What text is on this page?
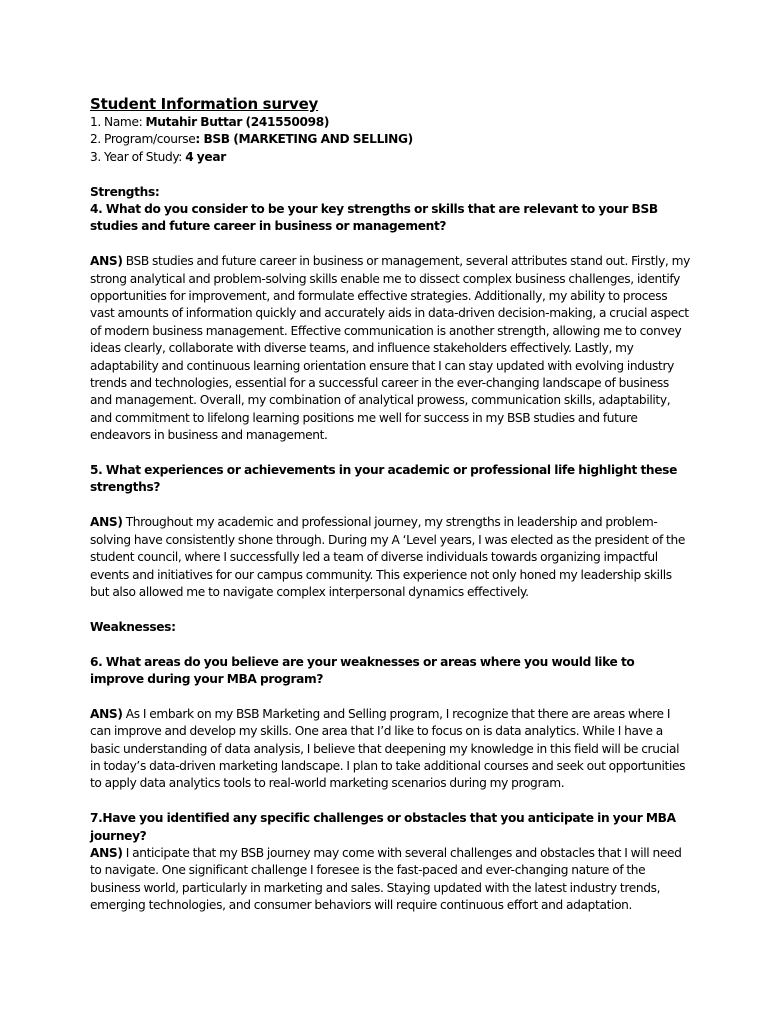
Student Information survey

1. Name: Mutahir Buttar (241550098)

2. Program/course: BSB (MARKETING AND SELLING)

3. Year of Study: 4 year

Strengths:

4. What do you consider to be your key strengths or skills that are relevant to your BSB studies and future career in business or management?

ANS) BSB studies and future career in business or management, several attributes stand out. Firstly, my strong analytical and problem-solving skills enable me to dissect complex business challenges, identify opportunities for improvement, and formulate effective strategies. Additionally, my ability to process vast amounts of information quickly and accurately aids in data-driven decision-making, a crucial aspect of modern business management. Effective communication is another strength, allowing me to convey ideas clearly, collaborate with diverse teams, and influence stakeholders effectively. Lastly, my adaptability and continuous learning orientation ensure that I can stay updated with evolving industry trends and technologies, essential for a successful career in the ever-changing landscape of business and management. Overall, my combination of analytical prowess, communication skills, adaptability, and commitment to lifelong learning positions me well for success in my BSB studies and future endeavors in business and management.

5. What experiences or achievements in your academic or professional life highlight these strengths?

ANS) Throughout my academic and professional journey, my strengths in leadership and problem-solving have consistently shone through. During my A ‘Level years, I was elected as the president of the student council, where I successfully led a team of diverse individuals towards organizing impactful events and initiatives for our campus community. This experience not only honed my leadership skills but also allowed me to navigate complex interpersonal dynamics effectively.

Weaknesses:

6. What areas do you believe are your weaknesses or areas where you would like to improve during your MBA program?

ANS) As I embark on my BSB Marketing and Selling program, I recognize that there are areas where I can improve and develop my skills. One area that I’d like to focus on is data analytics. While I have a basic understanding of data analysis, I believe that deepening my knowledge in this field will be crucial in today’s data-driven marketing landscape. I plan to take additional courses and seek out opportunities to apply data analytics tools to real-world marketing scenarios during my program.

7.Have you identified any specific challenges or obstacles that you anticipate in your MBA journey?

ANS) I anticipate that my BSB journey may come with several challenges and obstacles that I will need to navigate. One significant challenge I foresee is the fast-paced and ever-changing nature of the business world, particularly in marketing and sales. Staying updated with the latest industry trends, emerging technologies, and consumer behaviors will require continuous effort and adaptation.
